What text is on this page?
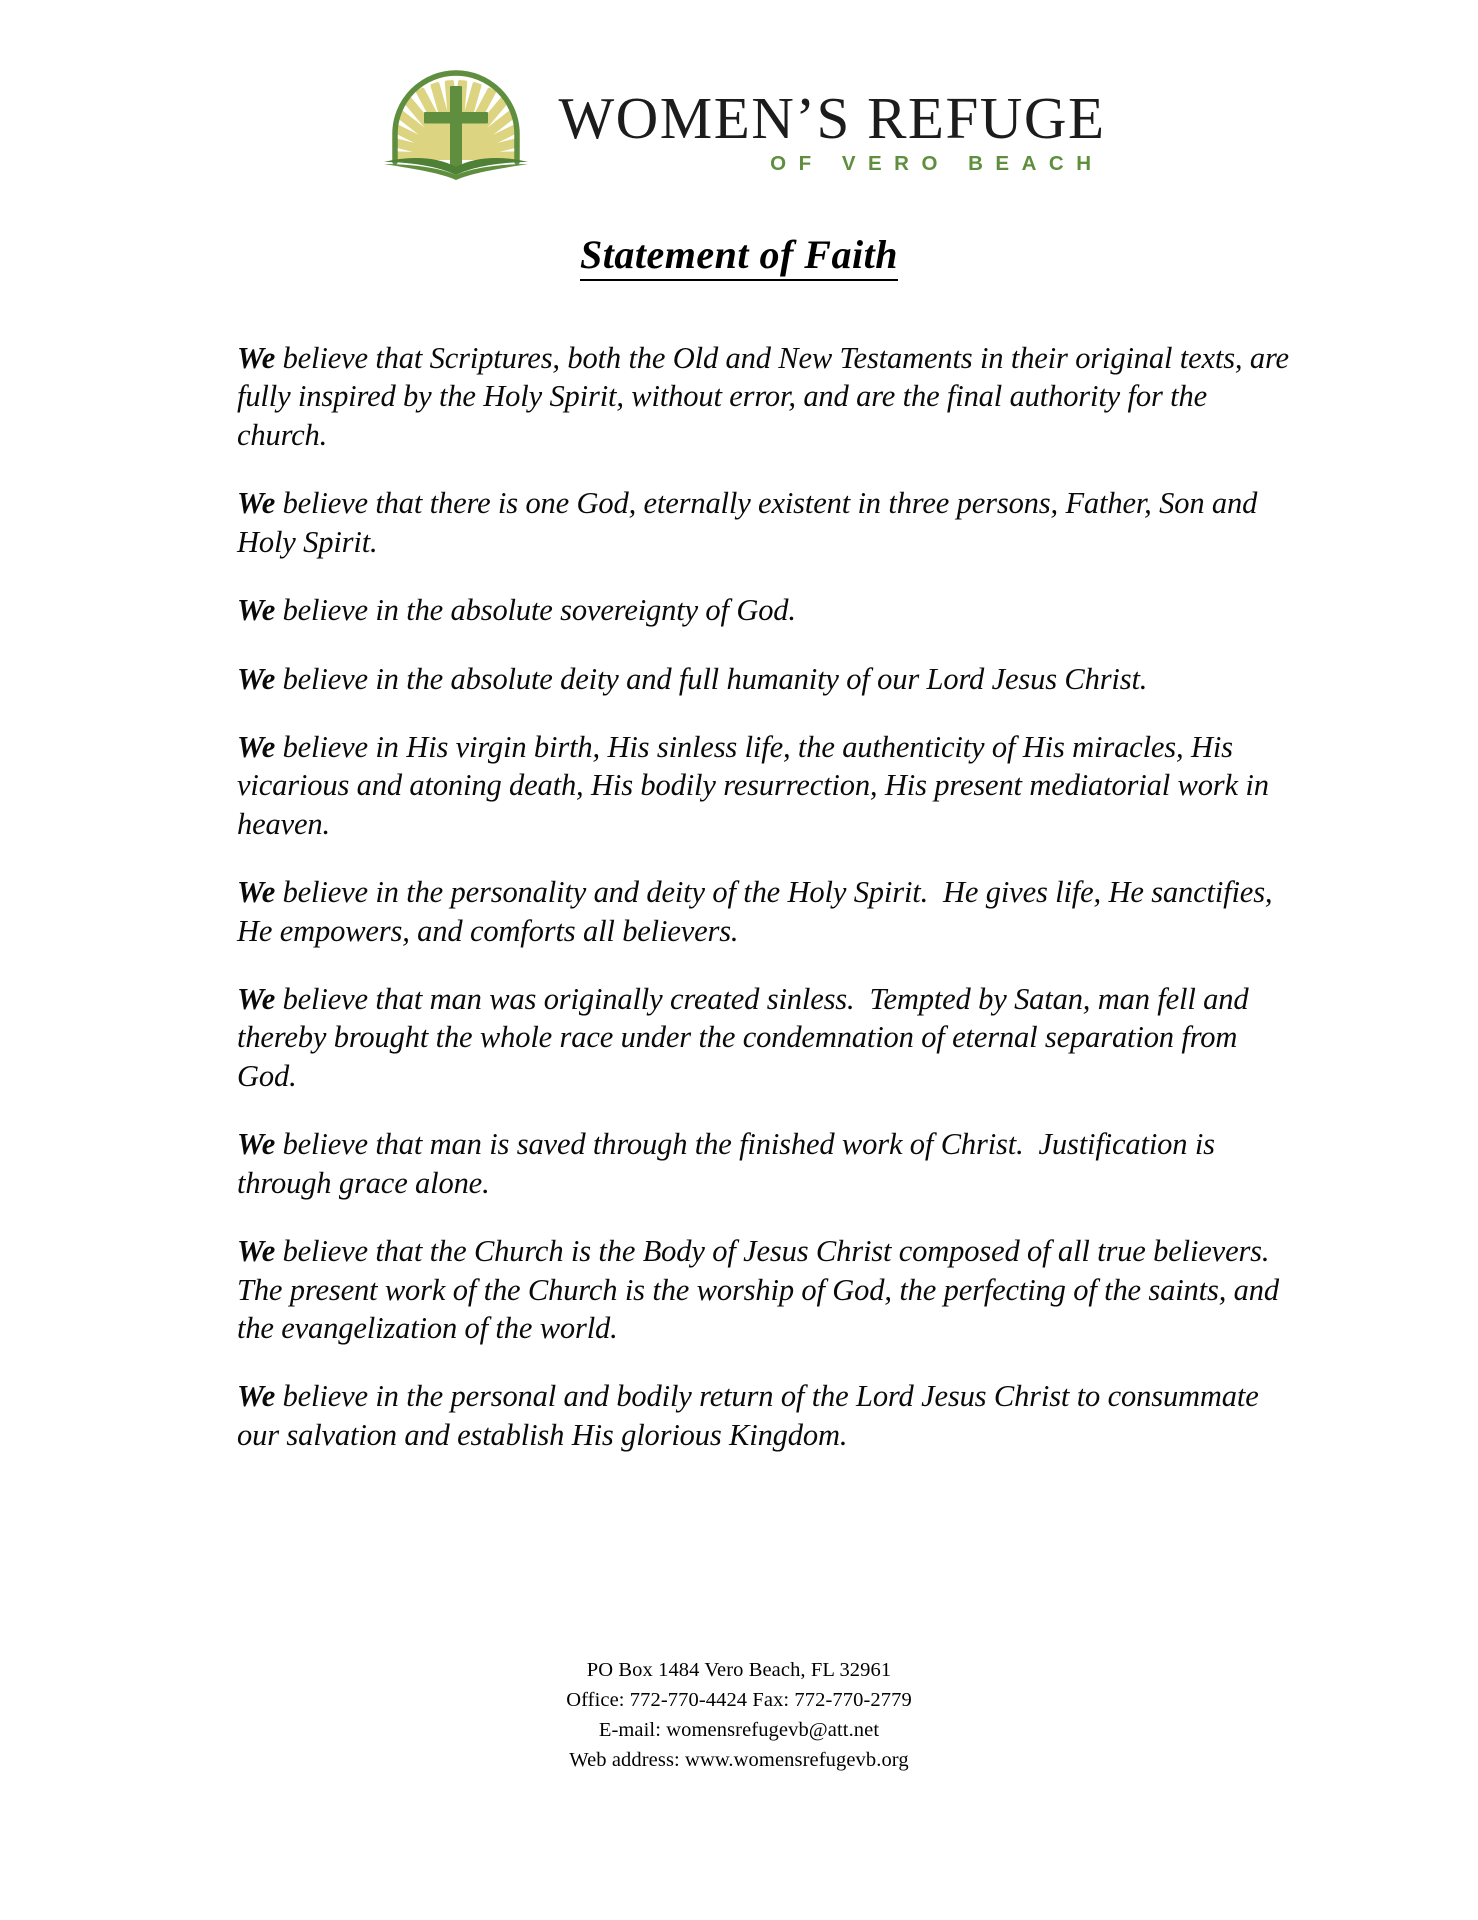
WOMEN’S REFUGE
OF VERO BEACH
Statement of Faith

We believe that Scriptures, both the Old and New Testaments in their original texts, are fully inspired by the Holy Spirit, without error, and are the final authority for the church.

We believe that there is one God, eternally existent in three persons, Father, Son and Holy Spirit.

We believe in the absolute sovereignty of God.

We believe in the absolute deity and full humanity of our Lord Jesus Christ.

We believe in His virgin birth, His sinless life, the authenticity of His miracles, His vicarious and atoning death, His bodily resurrection, His present mediatorial work in heaven.

We believe in the personality and deity of the Holy Spirit.  He gives life, He sanctifies, He empowers, and comforts all believers.

We believe that man was originally created sinless.  Tempted by Satan, man fell and thereby brought the whole race under the condemnation of eternal separation from God.

We believe that man is saved through the finished work of Christ.  Justification is through grace alone.

We believe that the Church is the Body of Jesus Christ composed of all true believers. The present work of the Church is the worship of God, the perfecting of the saints, and the evangelization of the world.

We believe in the personal and bodily return of the Lord Jesus Christ to consummate our salvation and establish His glorious Kingdom.

PO Box 1484 Vero Beach, FL 32961
Office: 772-770-4424 Fax: 772-770-2779
E-mail: womensrefugevb@att.net
Web address: www.womensrefugevb.org
